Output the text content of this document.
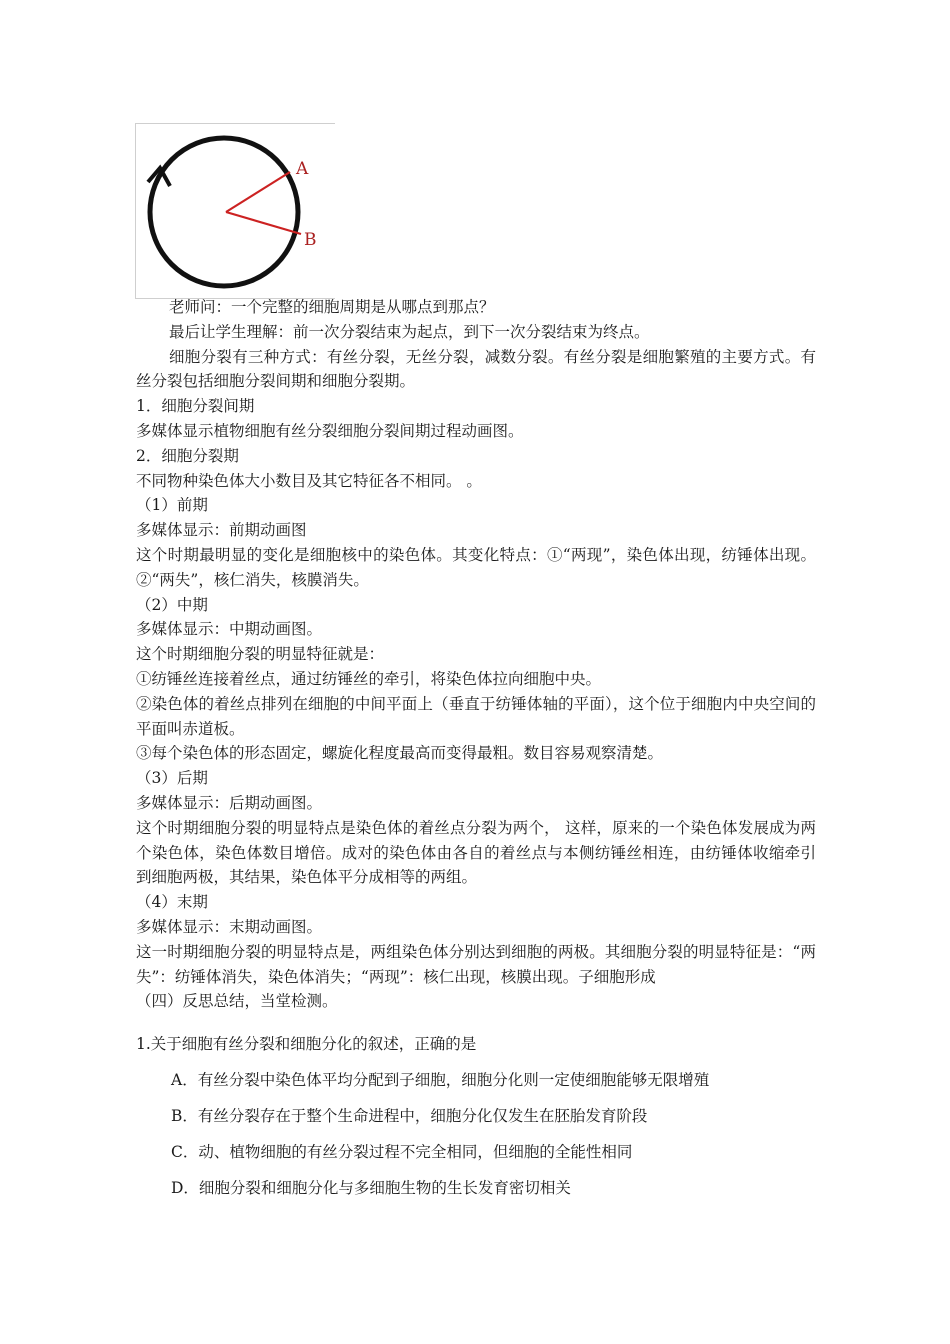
A
B

老师问：一个完整的细胞周期是从哪点到那点？

最后让学生理解：前一次分裂结束为起点，到下一次分裂结束为终点。

细胞分裂有三种方式：有丝分裂，无丝分裂，减数分裂。有丝分裂是细胞繁殖的主要方式。有丝分裂包括细胞分裂间期和细胞分裂期。

1．细胞分裂间期

多媒体显示植物细胞有丝分裂细胞分裂间期过程动画图。

2．细胞分裂期

不同物种染色体大小数目及其它特征各不相同。 。

（1）前期

多媒体显示：前期动画图

这个时期最明显的变化是细胞核中的染色体。其变化特点：①“两现”，染色体出现，纺锤体出现。②“两失”，核仁消失，核膜消失。

（2）中期

多媒体显示：中期动画图。

这个时期细胞分裂的明显特征就是：

①纺锤丝连接着丝点，通过纺锤丝的牵引，将染色体拉向细胞中央。

②染色体的着丝点排列在细胞的中间平面上（垂直于纺锤体轴的平面），这个位于细胞内中央空间的平面叫赤道板。

③每个染色体的形态固定，螺旋化程度最高而变得最粗。数目容易观察清楚。

（3）后期

多媒体显示：后期动画图。

这个时期细胞分裂的明显特点是染色体的着丝点分裂为两个， 这样，原来的一个染色体发展成为两个染色体，染色体数目增倍。成对的染色体由各自的着丝点与本侧纺锤丝相连，由纺锤体收缩牵引到细胞两极，其结果，染色体平分成相等的两组。

（4）末期

多媒体显示：末期动画图。

这一时期细胞分裂的明显特点是，两组染色体分别达到细胞的两极。其细胞分裂的明显特征是：“两失”：纺锤体消失，染色体消失；“两现”：核仁出现，核膜出现。子细胞形成

（四）反思总结，当堂检测。

1.关于细胞有丝分裂和细胞分化的叙述，正确的是

A．有丝分裂中染色体平均分配到子细胞，细胞分化则一定使细胞能够无限增殖

B．有丝分裂存在于整个生命进程中，细胞分化仅发生在胚胎发育阶段

C．动、植物细胞的有丝分裂过程不完全相同，但细胞的全能性相同

D．细胞分裂和细胞分化与多细胞生物的生长发育密切相关
